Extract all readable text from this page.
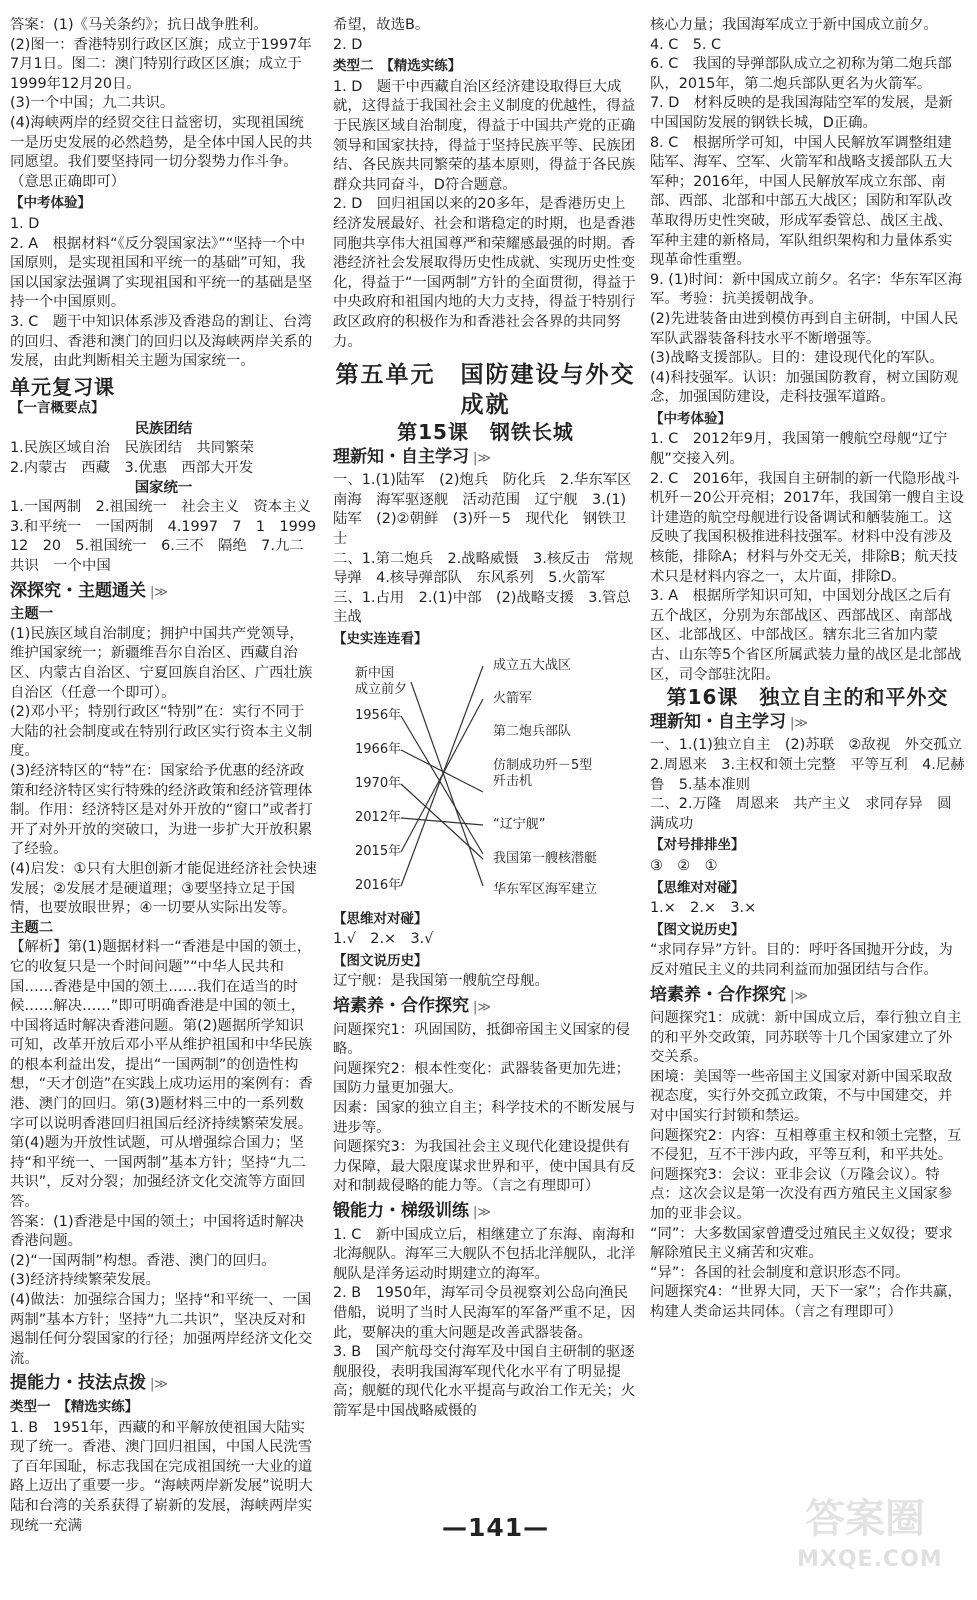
答案：(1)《马关条约》；抗日战争胜利。
(2)图一：香港特别行政区区旗；成立于1997年7月1日。图二：澳门特别行政区区旗；成立于1999年12月20日。
(3)一个中国；九二共识。
(4)海峡两岸的经贸交往日益密切，实现祖国统一是历史发展的必然趋势，是全体中国人民的共同愿望。我们要坚持同一切分裂势力作斗争。（意思正确即可）

【中考体验】

1. D
2. A　根据材料“《反分裂国家法》”“坚持一个中国原则，是实现祖国和平统一的基础”可知，我国以国家法强调了实现祖国和平统一的基础是坚持一个中国原则。
3. C　题干中知识体系涉及香港岛的割让、台湾的回归、香港和澳门的回归以及海峡两岸关系的发展，由此判断相关主题为国家统一。

单元复习课
【一言概要点】
民族团结

1.民族区域自治　民族团结　共同繁荣
2.内蒙古　西藏　3.优惠　西部大开发

国家统一

1.一国两制　2.祖国统一　社会主义　资本主义　3.和平统一　一国两制　4.1997　7　1　1999　12　20　5.祖国统一　6.三不　隔绝　7.九二共识　一个中国

深探究・主题通关 |≫
主题一

(1)民族区域自治制度；拥护中国共产党领导，维护国家统一；新疆维吾尔自治区、西藏自治区、内蒙古自治区、宁夏回族自治区、广西壮族自治区（任意一个即可）。
(2)邓小平；特别行政区“特别”在：实行不同于大陆的社会制度或在特别行政区实行资本主义制度。
(3)经济特区的“特”在：国家给予优惠的经济政策和经济特区实行特殊的经济政策和经济管理体制。作用：经济特区是对外开放的“窗口”或者打开了对外开放的突破口，为进一步扩大开放积累了经验。
(4)启发：①只有大胆创新才能促进经济社会快速发展；②发展才是硬道理；③要坚持立足于国情，也要放眼世界；④一切要从实际出发等。

主题二

【解析】第(1)题据材料一“香港是中国的领土，它的收复只是一个时间问题”“中华人民共和国……香港是中国的领土……我们在适当的时候……解决……”即可明确香港是中国的领土，中国将适时解决香港问题。第(2)题据所学知识可知，改革开放后邓小平从维护祖国和中华民族的根本利益出发，提出“一国两制”的创造性构想，“天才创造”在实践上成功运用的案例有：香港、澳门的回归。第(3)题材料三中的一系列数字可以说明香港回归祖国后经济持续繁荣发展。第(4)题为开放性试题，可从增强综合国力；坚持“和平统一、一国两制”基本方针；坚持“九二共识”，反对分裂；加强经济文化交流等方面回答。
答案：(1)香港是中国的领土；中国将适时解决香港问题。
(2)“一国两制”构想。香港、澳门的回归。
(3)经济持续繁荣发展。
(4)做法：加强综合国力；坚持“和平统一、一国两制”基本方针；坚持“九二共识”，坚决反对和遏制任何分裂国家的行径；加强两岸经济文化交流。

提能力・技法点拨 |≫
类型一　【精选实练】

1. B　1951年，西藏的和平解放使祖国大陆实现了统一。香港、澳门回归祖国，中国人民洗雪了百年国耻，标志我国在完成祖国统一大业的道路上迈出了重要一步。“海峡两岸新发展”说明大陆和台湾的关系获得了崭新的发展，海峡两岸实现统一充满

希望，故选B。
2. D

类型二　【精选实练】

1. D　题干中西藏自治区经济建设取得巨大成就，这得益于我国社会主义制度的优越性，得益于民族区域自治制度，得益于中国共产党的正确领导和国家扶持，得益于坚持民族平等、民族团结、各民族共同繁荣的基本原则，得益于各民族群众共同奋斗，D符合题意。
2. D　回归祖国以来的20多年，是香港历史上经济发展最好、社会和谐稳定的时期，也是香港同胞共享伟大祖国尊严和荣耀感最强的时期。香港经济社会发展取得历史性成就、实现历史性变化，得益于“一国两制”方针的全面贯彻，得益于中央政府和祖国内地的大力支持，得益于特别行政区政府的积极作为和香港社会各界的共同努力。

第五单元　国防建设与外交
成就
第15课　钢铁长城
理新知・自主学习 |≫

一、1.(1)陆军　(2)炮兵　防化兵　2.华东军区　南海　海军驱逐舰　活动范围　辽宁舰　3.(1)陆军　(2)②朝鲜　(3)歼－5　现代化　钢铁卫士
二、1.第二炮兵　2.战略威慑　3.核反击　常规导弹　4.核导弹部队　东风系列　5.火箭军
三、1.占用　2.(1)中部　(2)战略支援　3.管总　主战

【史实连连看】
新中国
成立前夕
1956年
1966年
1970年
2012年
2015年
2016年
成立五大战区
火箭军
第二炮兵部队
仿制成功歼－5型
歼击机
“辽宁舰”
我国第一艘核潜艇
华东军区海军建立
【思维对对碰】

1.√　2.×　3.√

【图文说历史】

辽宁舰：是我国第一艘航空母舰。

培素养・合作探究 |≫

问题探究1：巩固国防，抵御帝国主义国家的侵略。
问题探究2：根本性变化：武器装备更加先进；国防力量更加强大。
因素：国家的独立自主；科学技术的不断发展与进步等。
问题探究3：为我国社会主义现代化建设提供有力保障，最大限度谋求世界和平，使中国具有反对和制裁侵略的能力等。（言之有理即可）

锻能力・梯级训练 |≫

1. C　新中国成立后，相继建立了东海、南海和北海舰队。海军三大舰队不包括北洋舰队，北洋舰队是洋务运动时期建立的海军。
2. B　1950年，海军司令员视察刘公岛向渔民借船，说明了当时人民海军的军备严重不足，因此，要解决的重大问题是改善武器装备。
3. B　国产航母交付海军及中国自主研制的驱逐舰服役，表明我国海军现代化水平有了明显提高；舰艇的现代化水平提高与政治工作无关；火箭军是中国战略威慑的

核心力量；我国海军成立于新中国成立前夕。
4. C　5. C
6. C　我国的导弹部队成立之初称为第二炮兵部队，2015年，第二炮兵部队更名为火箭军。
7. D　材料反映的是我国海陆空军的发展，是新中国国防发展的钢铁长城，D正确。
8. C　根据所学可知，中国人民解放军调整组建陆军、海军、空军、火箭军和战略支援部队五大军种；2016年，中国人民解放军成立东部、南部、西部、北部和中部五大战区；国防和军队改革取得历史性突破，形成军委管总、战区主战、军种主建的新格局，军队组织架构和力量体系实现革命性重塑。
9. (1)时间：新中国成立前夕。名字：华东军区海军。考验：抗美援朝战争。
(2)先进装备由进到模仿再到自主研制，中国人民军队武器装备科技水平不断增强等。
(3)战略支援部队。目的：建设现代化的军队。
(4)科技强军。认识：加强国防教育，树立国防观念，加强国防建设，走科技强军道路。

【中考体验】

1. C　2012年9月，我国第一艘航空母舰“辽宁舰”交接入列。
2. C　2016年，我国自主研制的新一代隐形战斗机歼－20公开亮相；2017年，我国第一艘自主设计建造的航空母舰进行设备调试和舾装施工。这反映了我国积极推进科技强军。材料中没有涉及核能，排除A；材料与外交无关，排除B；航天技术只是材料内容之一，太片面，排除D。
3. A　根据所学知识可知，中国划分战区之后有五个战区，分别为东部战区、西部战区、南部战区、北部战区、中部战区。辖东北三省加内蒙古、山东等5个省区所属武装力量的战区是北部战区，司令部驻沈阳。

第16课　独立自主的和平外交
理新知・自主学习 |≫

一、1.(1)独立自主　(2)苏联　②敌视　外交孤立　2.周恩来　3.主权和领土完整　平等互利　4.尼赫鲁　5.基本准则
二、2.万隆　周恩来　共产主义　求同存异　圆满成功

【对号排排坐】

③　②　①

【思维对对碰】

1.×　2.×　3.×

【图文说历史】

“求同存异”方针。目的：呼吁各国抛开分歧，为反对殖民主义的共同利益而加强团结与合作。

培素养・合作探究 |≫

问题探究1：成就：新中国成立后，奉行独立自主的和平外交政策，同苏联等十几个国家建立了外交关系。
困境：美国等一些帝国主义国家对新中国采取敌视态度，实行外交孤立政策，不与中国建交，并对中国实行封锁和禁运。
问题探究2：内容：互相尊重主权和领土完整，互不侵犯，互不干涉内政，平等互利，和平共处。
问题探究3：会议：亚非会议（万隆会议）。特点：这次会议是第一次没有西方殖民主义国家参加的亚非会议。
“同”：大多数国家曾遭受过殖民主义奴役；要求解除殖民主义痛苦和灾难。
“异”：各国的社会制度和意识形态不同。
问题探究4：“世界大同，天下一家”；合作共赢，构建人类命运共同体。（言之有理即可）

—141—	答案圈
MXQE.COM
